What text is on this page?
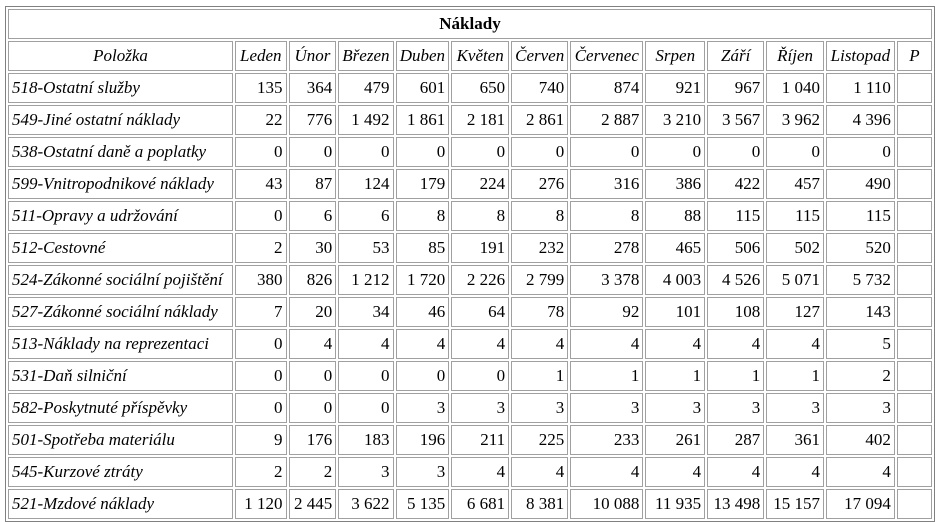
Náklady												
Položka	Leden	Únor	Březen	Duben	Květen	Červen	Červenec	Srpen	Září	Říjen	Listopad	P
518-Ostatní služby	135	364	479	601	650	740	874	921	967	1 040	1 110	
549-Jiné ostatní náklady	22	776	1 492	1 861	2 181	2 861	2 887	3 210	3 567	3 962	4 396	
538-Ostatní daně a poplatky	0	0	0	0	0	0	0	0	0	0	0	
599-Vnitropodnikové náklady	43	87	124	179	224	276	316	386	422	457	490	
511-Opravy a udržování	0	6	6	8	8	8	8	88	115	115	115	
512-Cestovné	2	30	53	85	191	232	278	465	506	502	520	
524-Zákonné sociální pojištění	380	826	1 212	1 720	2 226	2 799	3 378	4 003	4 526	5 071	5 732	
527-Zákonné sociální náklady	7	20	34	46	64	78	92	101	108	127	143	
513-Náklady na reprezentaci	0	4	4	4	4	4	4	4	4	4	5	
531-Daň silniční	0	0	0	0	0	1	1	1	1	1	2	
582-Poskytnuté příspěvky	0	0	0	3	3	3	3	3	3	3	3	
501-Spotřeba materiálu	9	176	183	196	211	225	233	261	287	361	402	
545-Kurzové ztráty	2	2	3	3	4	4	4	4	4	4	4	
521-Mzdové náklady	1 120	2 445	3 622	5 135	6 681	8 381	10 088	11 935	13 498	15 157	17 094	
